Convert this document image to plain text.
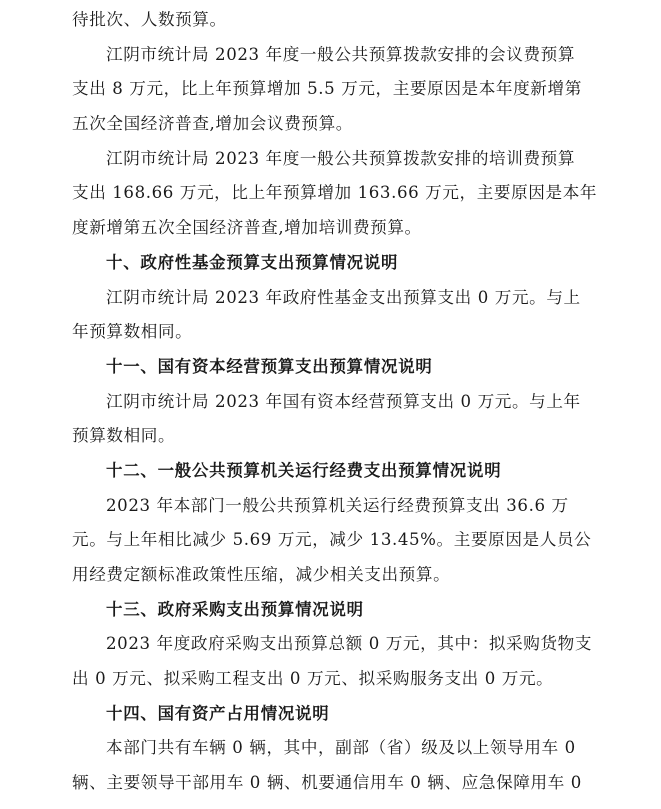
待批次、人数预算。
江阴市统计局 2023 年度一般公共预算拨款安排的会议费预算
支出 8 万元，比上年预算增加 5.5 万元，主要原因是本年度新增第
五次全国经济普查,增加会议费预算。
江阴市统计局 2023 年度一般公共预算拨款安排的培训费预算
支出 168.66 万元，比上年预算增加 163.66 万元，主要原因是本年
度新增第五次全国经济普查,增加培训费预算。
十、政府性基金预算支出预算情况说明
江阴市统计局 2023 年政府性基金支出预算支出 0 万元。与上
年预算数相同。
十一、国有资本经营预算支出预算情况说明
江阴市统计局 2023 年国有资本经营预算支出 0 万元。与上年
预算数相同。
十二、一般公共预算机关运行经费支出预算情况说明
2023 年本部门一般公共预算机关运行经费预算支出 36.6 万
元。与上年相比减少 5.69 万元，减少 13.45%。主要原因是人员公
用经费定额标准政策性压缩，减少相关支出预算。
十三、政府采购支出预算情况说明
2023 年度政府采购支出预算总额 0 万元，其中：拟采购货物支
出 0 万元、拟采购工程支出 0 万元、拟采购服务支出 0 万元。
十四、国有资产占用情况说明
本部门共有车辆 0 辆，其中，副部（省）级及以上领导用车 0
辆、主要领导干部用车 0 辆、机要通信用车 0 辆、应急保障用车 0
